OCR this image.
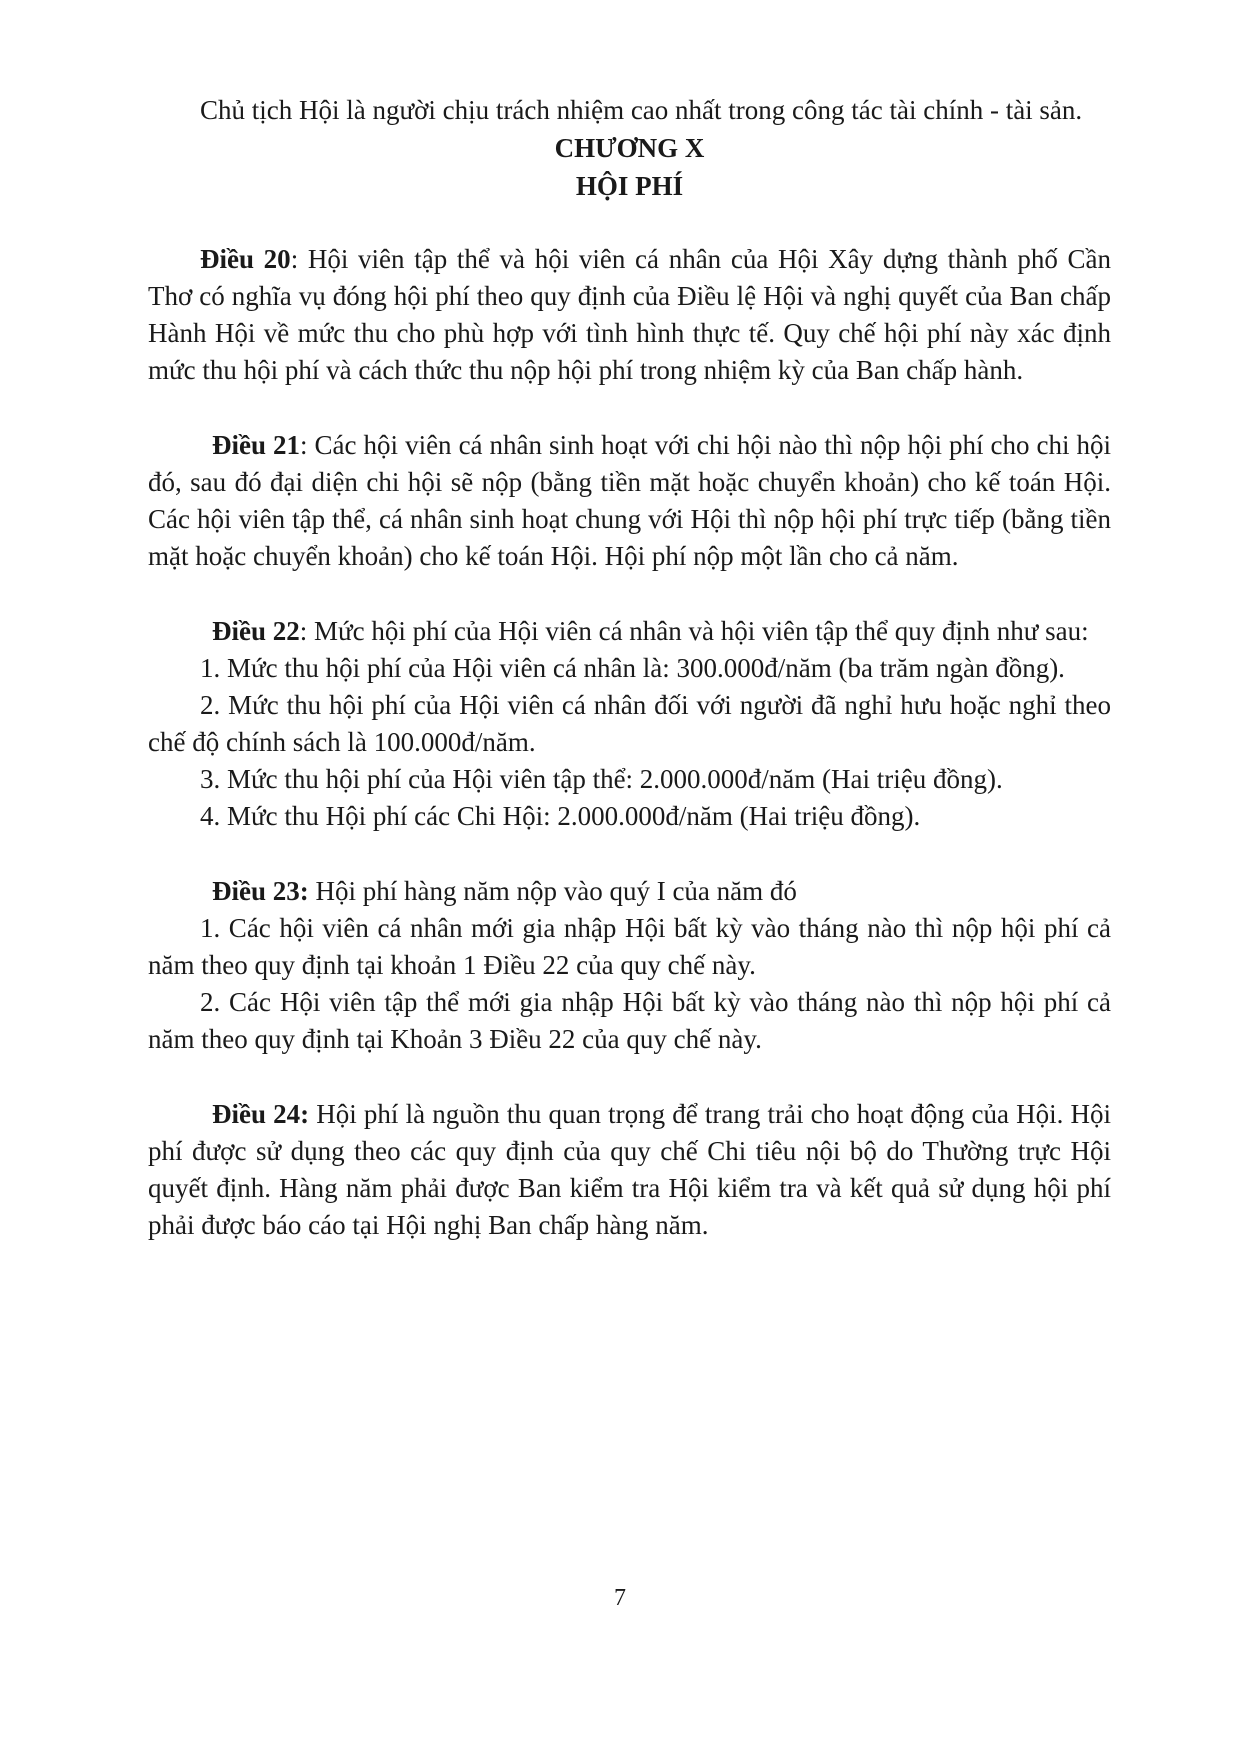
Chủ tịch Hội là người chịu trách nhiệm cao nhất trong công tác tài chính - tài sản.

CHƯƠNG X

HỘI PHÍ

Điều 20: Hội viên tập thể và hội viên cá nhân của Hội Xây dựng thành phố Cần Thơ có nghĩa vụ đóng hội phí theo quy định của Điều lệ Hội và nghị quyết của Ban chấp Hành Hội về mức thu cho phù hợp với tình hình thực tế. Quy chế hội phí này xác định mức thu hội phí và cách thức thu nộp hội phí trong nhiệm kỳ của Ban chấp hành.

Điều 21: Các hội viên cá nhân sinh hoạt với chi hội nào thì nộp hội phí cho chi hội đó, sau đó đại diện chi hội sẽ nộp (bằng tiền mặt hoặc chuyển khoản) cho kế toán Hội. Các hội viên tập thể, cá nhân sinh hoạt chung với Hội thì nộp hội phí trực tiếp (bằng tiền mặt hoặc chuyển khoản) cho kế toán Hội. Hội phí nộp một lần cho cả năm.

Điều 22: Mức hội phí của Hội viên cá nhân và hội viên tập thể quy định như sau:

1. Mức thu hội phí của Hội viên cá nhân là: 300.000đ/năm (ba trăm ngàn đồng).

2. Mức thu hội phí của Hội viên cá nhân đối với người đã nghỉ hưu hoặc nghỉ theo chế độ chính sách là 100.000đ/năm.

3. Mức thu hội phí của Hội viên tập thể: 2.000.000đ/năm (Hai triệu đồng).

4. Mức thu Hội phí các Chi Hội: 2.000.000đ/năm (Hai triệu đồng).

Điều 23: Hội phí hàng năm nộp vào quý I của năm đó

1. Các hội viên cá nhân mới gia nhập Hội bất kỳ vào tháng nào thì nộp hội phí cả năm theo quy định tại khoản 1 Điều 22 của quy chế này.

2. Các Hội viên tập thể mới gia nhập Hội bất kỳ vào tháng nào thì nộp hội phí cả năm theo quy định tại Khoản 3 Điều 22 của quy chế này.

Điều 24: Hội phí là nguồn thu quan trọng để trang trải cho hoạt động của Hội. Hội phí được sử dụng theo các quy định của quy chế Chi tiêu nội bộ do Thường trực Hội quyết định. Hàng năm phải được Ban kiểm tra Hội kiểm tra và kết quả sử dụng hội phí phải được báo cáo tại Hội nghị Ban chấp hàng năm.

7
